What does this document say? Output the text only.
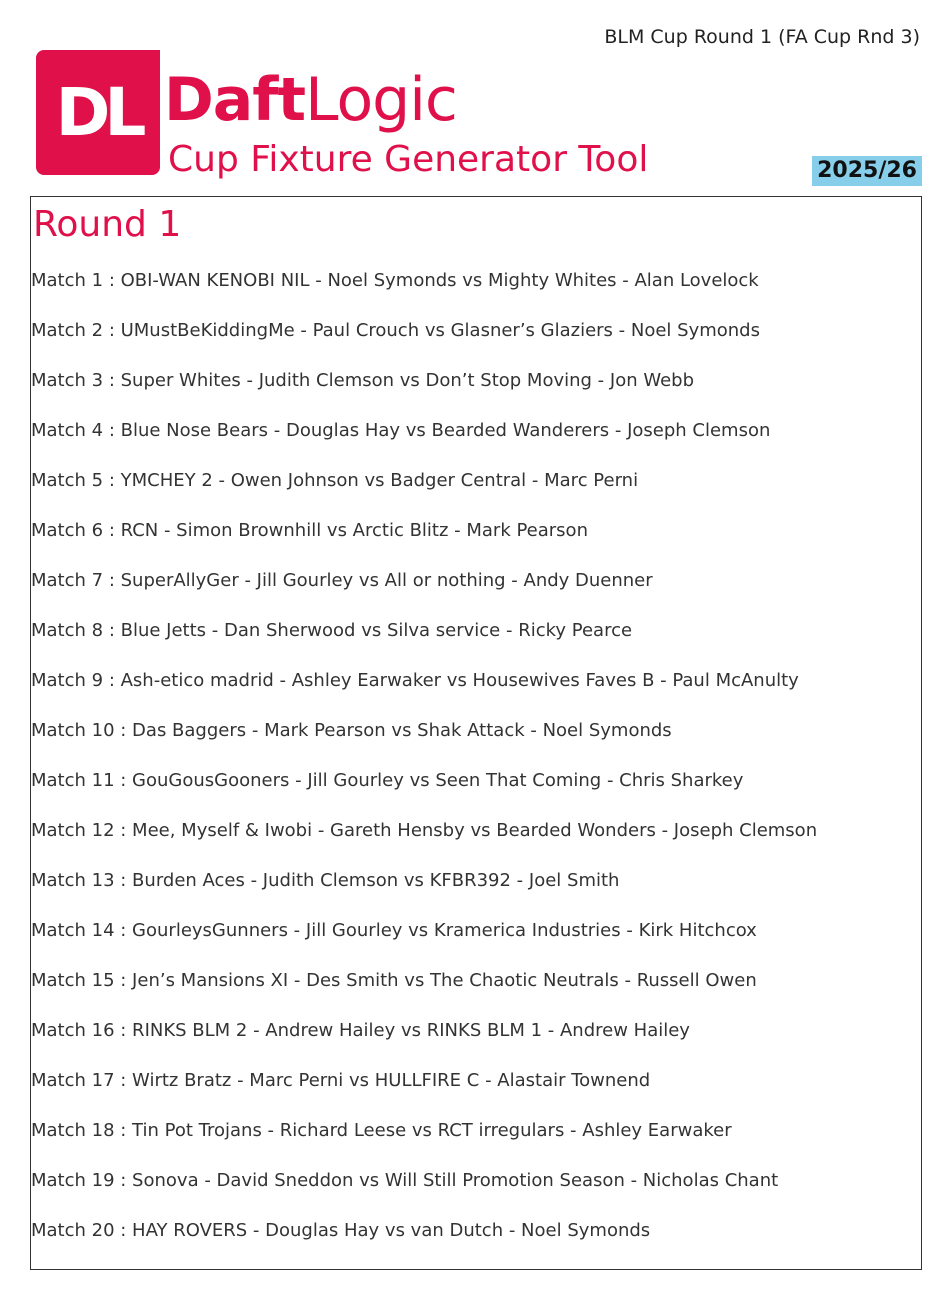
BLM Cup Round 1 (FA Cup Rnd 3)
DL DaftLogic
Cup Fixture Generator Tool	2025/26
Round 1
Match 1 : OBI-WAN KENOBI NIL - Noel Symonds vs Mighty Whites - Alan Lovelock
Match 2 : UMustBeKiddingMe - Paul Crouch vs Glasner’s Glaziers - Noel Symonds
Match 3 : Super Whites - Judith Clemson vs Don’t Stop Moving - Jon Webb
Match 4 : Blue Nose Bears - Douglas Hay vs Bearded Wanderers - Joseph Clemson
Match 5 : YMCHEY 2 - Owen Johnson vs Badger Central - Marc Perni
Match 6 : RCN - Simon Brownhill vs Arctic Blitz - Mark Pearson
Match 7 : SuperAllyGer - Jill Gourley vs All or nothing - Andy Duenner
Match 8 : Blue Jetts - Dan Sherwood vs Silva service - Ricky Pearce
Match 9 : Ash-etico madrid - Ashley Earwaker vs Housewives Faves B - Paul McAnulty
Match 10 : Das Baggers - Mark Pearson vs Shak Attack - Noel Symonds
Match 11 : GouGousGooners - Jill Gourley vs Seen That Coming - Chris Sharkey
Match 12 : Mee, Myself & Iwobi - Gareth Hensby vs Bearded Wonders - Joseph Clemson
Match 13 : Burden Aces - Judith Clemson vs KFBR392 - Joel Smith
Match 14 : GourleysGunners - Jill Gourley vs Kramerica Industries - Kirk Hitchcox
Match 15 : Jen’s Mansions XI - Des Smith vs The Chaotic Neutrals - Russell Owen
Match 16 : RINKS BLM 2 - Andrew Hailey vs RINKS BLM 1 - Andrew Hailey
Match 17 : Wirtz Bratz - Marc Perni vs HULLFIRE C - Alastair Townend
Match 18 : Tin Pot Trojans - Richard Leese vs RCT irregulars - Ashley Earwaker
Match 19 : Sonova - David Sneddon vs Will Still Promotion Season - Nicholas Chant
Match 20 : HAY ROVERS - Douglas Hay vs van Dutch - Noel Symonds
